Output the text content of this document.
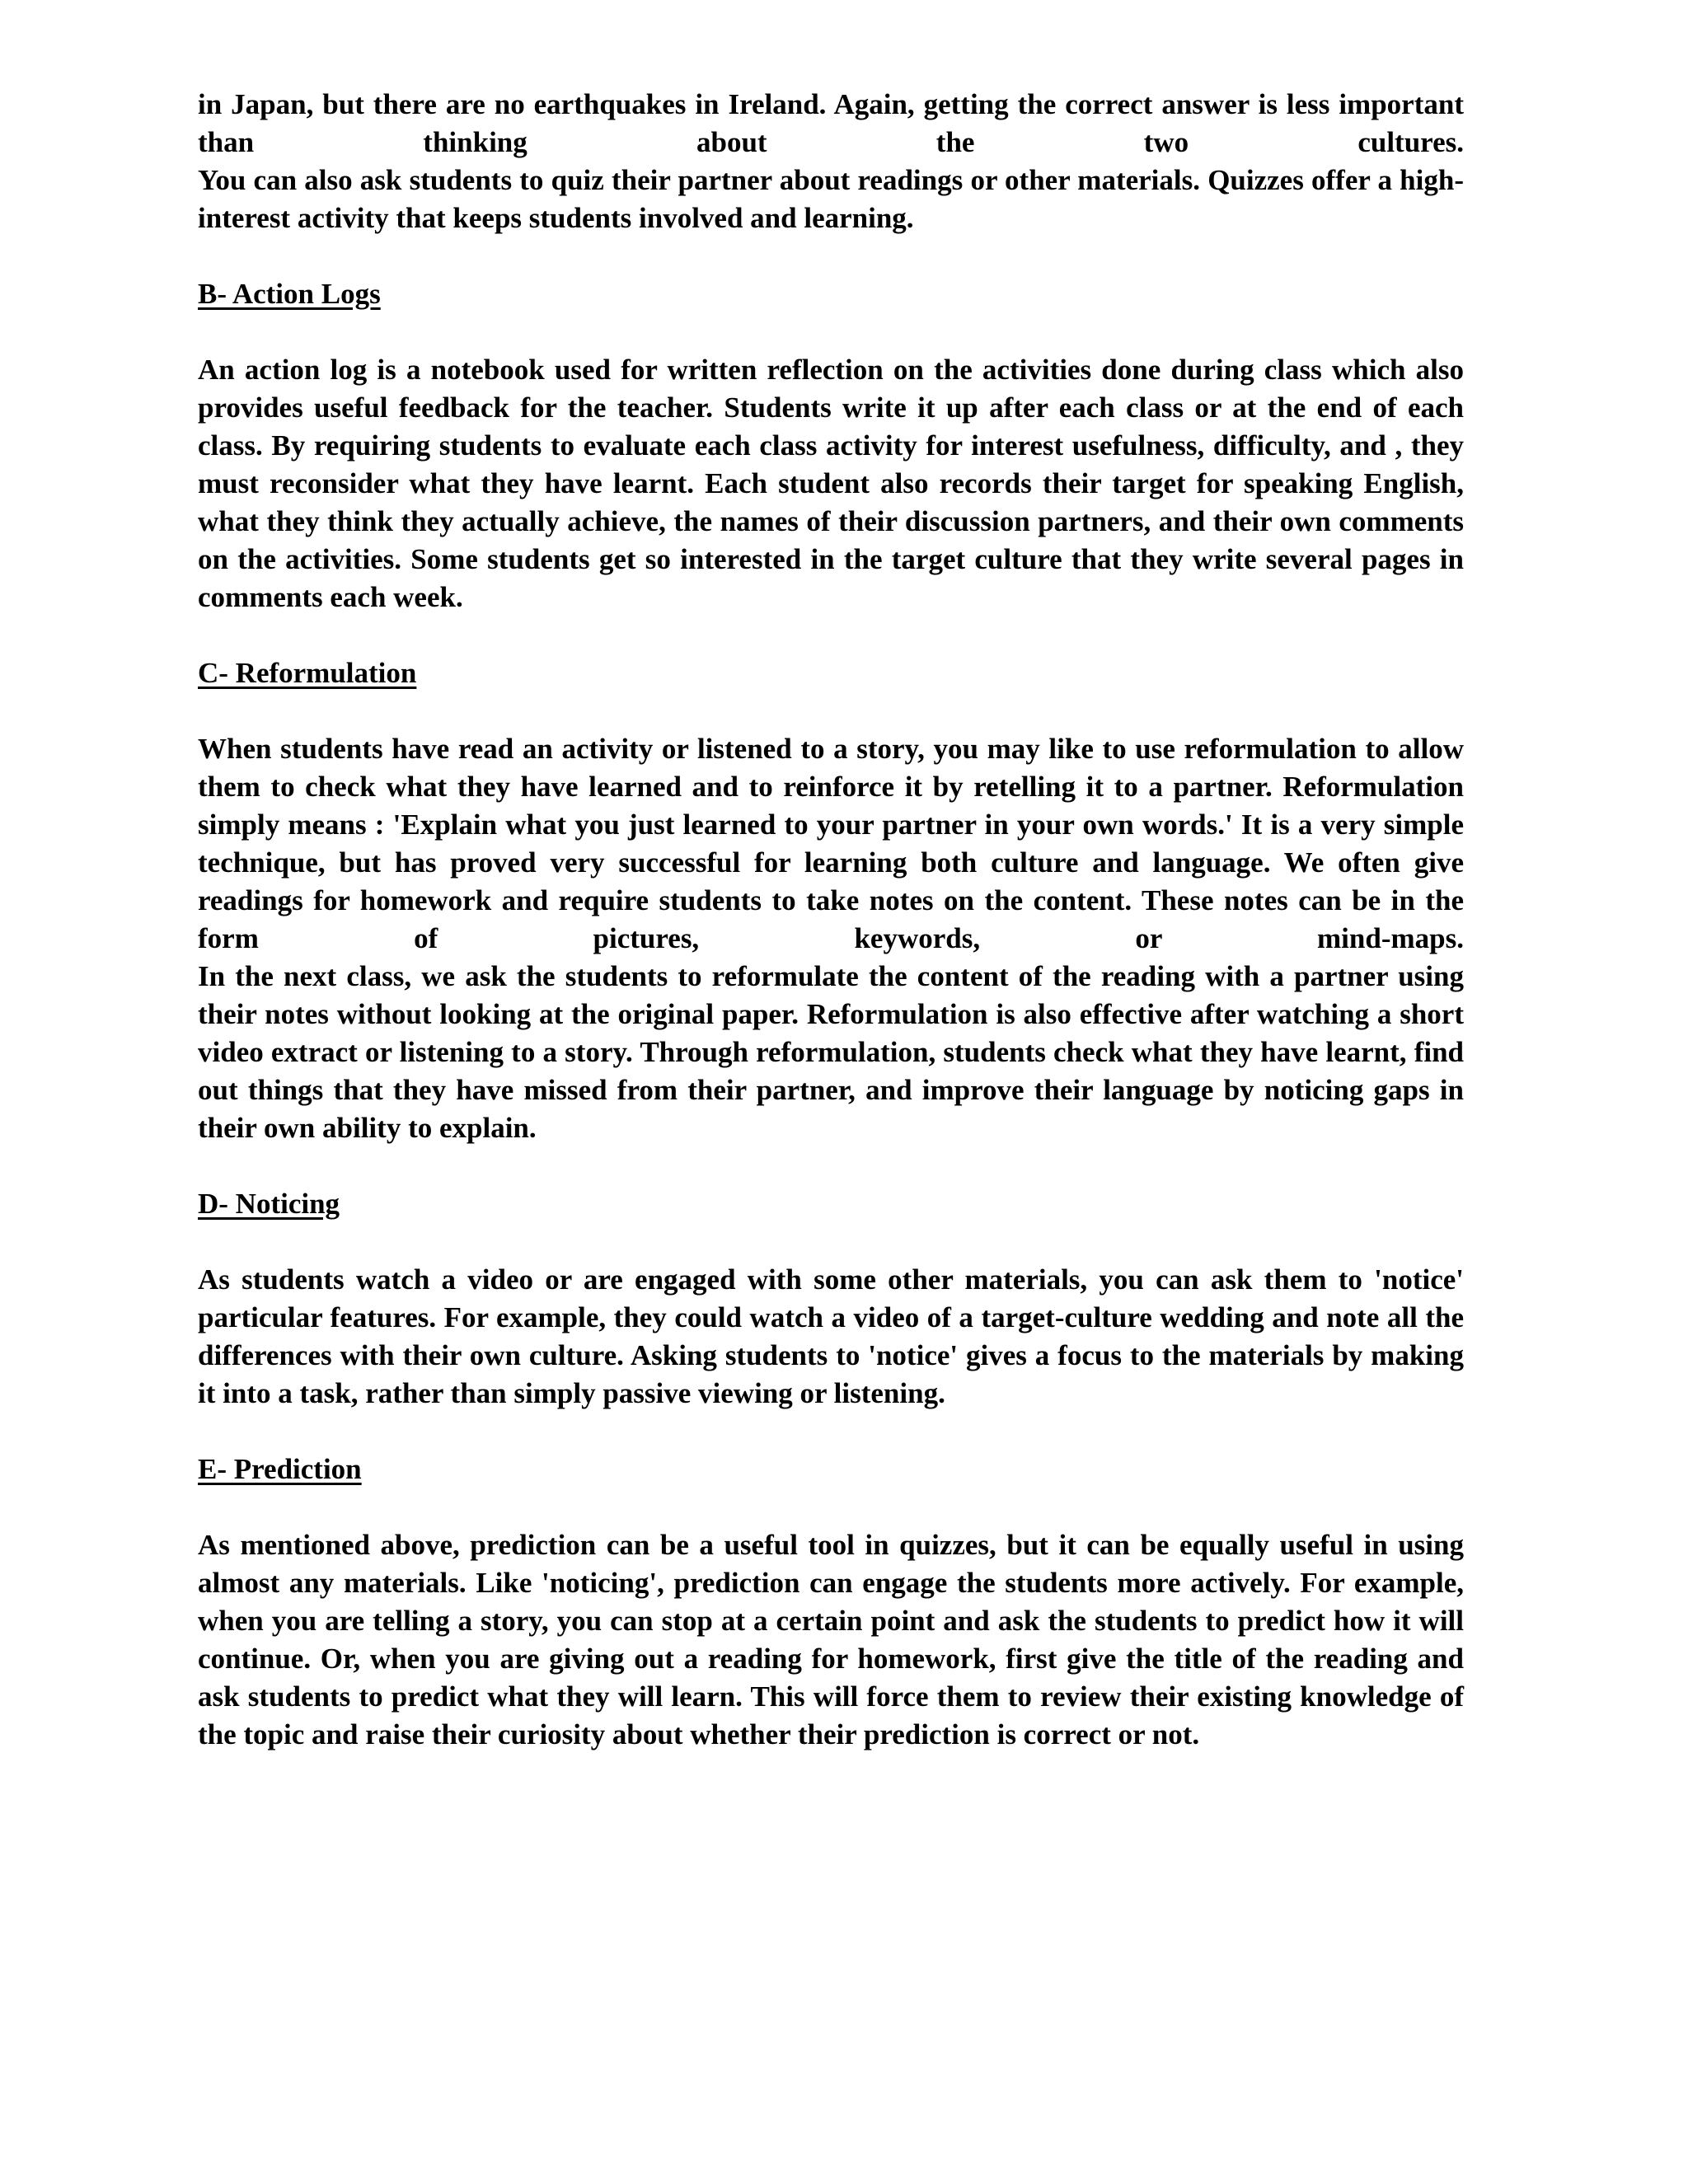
in Japan, but there are no earthquakes in Ireland. Again, getting the correct answer is less important than thinking about the two cultures.

You can also ask students to quiz their partner about readings or other materials. Quizzes offer a high-interest activity that keeps students involved and learning.

B- Action Logs

An action log is a notebook used for written reflection on the activities done during class which also provides useful feedback for the teacher. Students write it up after each class or at the end of each class. By requiring students to evaluate each class activity for interest usefulness, difficulty, and , they must reconsider what they have learnt. Each student also records their target for speaking English, what they think they actually achieve, the names of their discussion partners, and their own comments on the activities. Some students get so interested in the target culture that they write several pages in comments each week.

C- Reformulation

When students have read an activity or listened to a story, you may like to use reformulation to allow them to check what they have learned and to reinforce it by retelling it to a partner. Reformulation simply means : 'Explain what you just learned to your partner in your own words.' It is a very simple technique, but has proved very successful for learning both culture and language. We often give readings for homework and require students to take notes on the content. These notes can be in the form of pictures, keywords, or mind-maps.

In the next class, we ask the students to reformulate the content of the reading with a partner using their notes without looking at the original paper. Reformulation is also effective after watching a short video extract or listening to a story. Through reformulation, students check what they have learnt, find out things that they have missed from their partner, and improve their language by noticing gaps in their own ability to explain.

D- Noticing

As students watch a video or are engaged with some other materials, you can ask them to 'notice' particular features. For example, they could watch a video of a target-culture wedding and note all the differences with their own culture. Asking students to 'notice' gives a focus to the materials by making it into a task, rather than simply passive viewing or listening.

E- Prediction

As mentioned above, prediction can be a useful tool in quizzes, but it can be equally useful in using almost any materials. Like 'noticing', prediction can engage the students more actively. For example, when you are telling a story, you can stop at a certain point and ask the students to predict how it will continue. Or, when you are giving out a reading for homework, first give the title of the reading and ask students to predict what they will learn. This will force them to review their existing knowledge of the topic and raise their curiosity about whether their prediction is correct or not.
